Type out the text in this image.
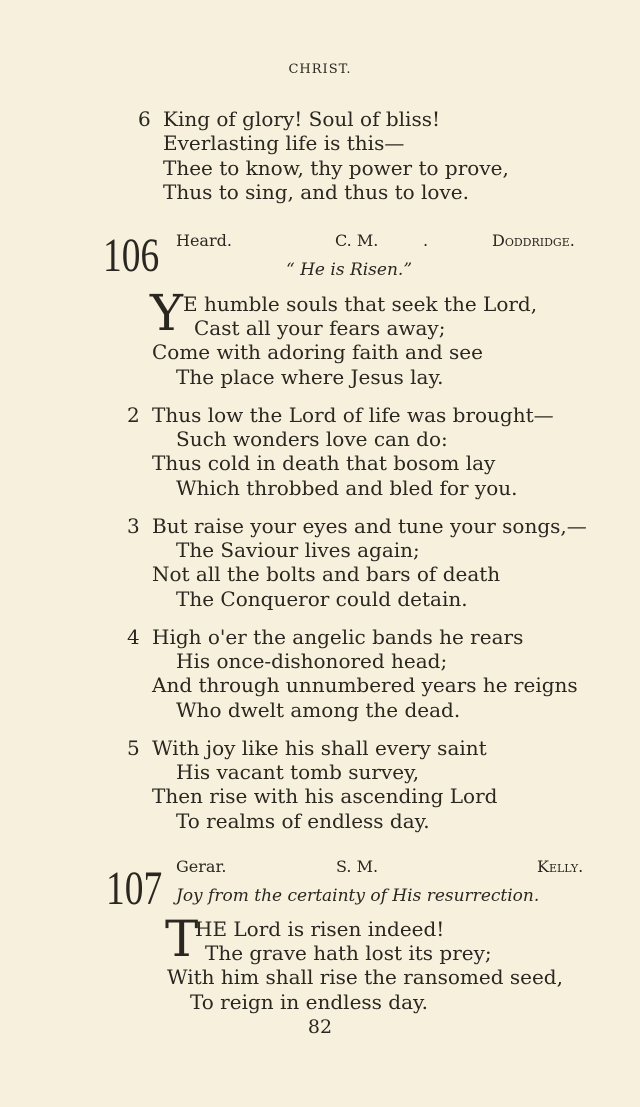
CHRIST.
6 King of glory! Soul of bliss!
Everlasting life is this—
Thee to know, thy power to prove,
Thus to sing, and thus to love.
106 Heard.	C. M.	.	Doddridge.
“ He is Risen.”
Y E humble souls that seek the Lord,
Cast all your fears away;
Come with adoring faith and see
The place where Jesus lay.
2 Thus low the Lord of life was brought—
Such wonders love can do:
Thus cold in death that bosom lay
Which throbbed and bled for you.
3 But raise your eyes and tune your songs,—
The Saviour lives again;
Not all the bolts and bars of death
The Conqueror could detain.
4 High o'er the angelic bands he rears
His once-dishonored head;
And through unnumbered years he reigns
Who dwelt among the dead.
5 With joy like his shall every saint
His vacant tomb survey,
Then rise with his ascending Lord
To realms of endless day.
107 Gerar.	S. M.	Kelly.
Joy from the certainty of His resurrection.
T
HE Lord is risen indeed!
The grave hath lost its prey;
With him shall rise the ransomed seed,
To reign in endless day.
82
